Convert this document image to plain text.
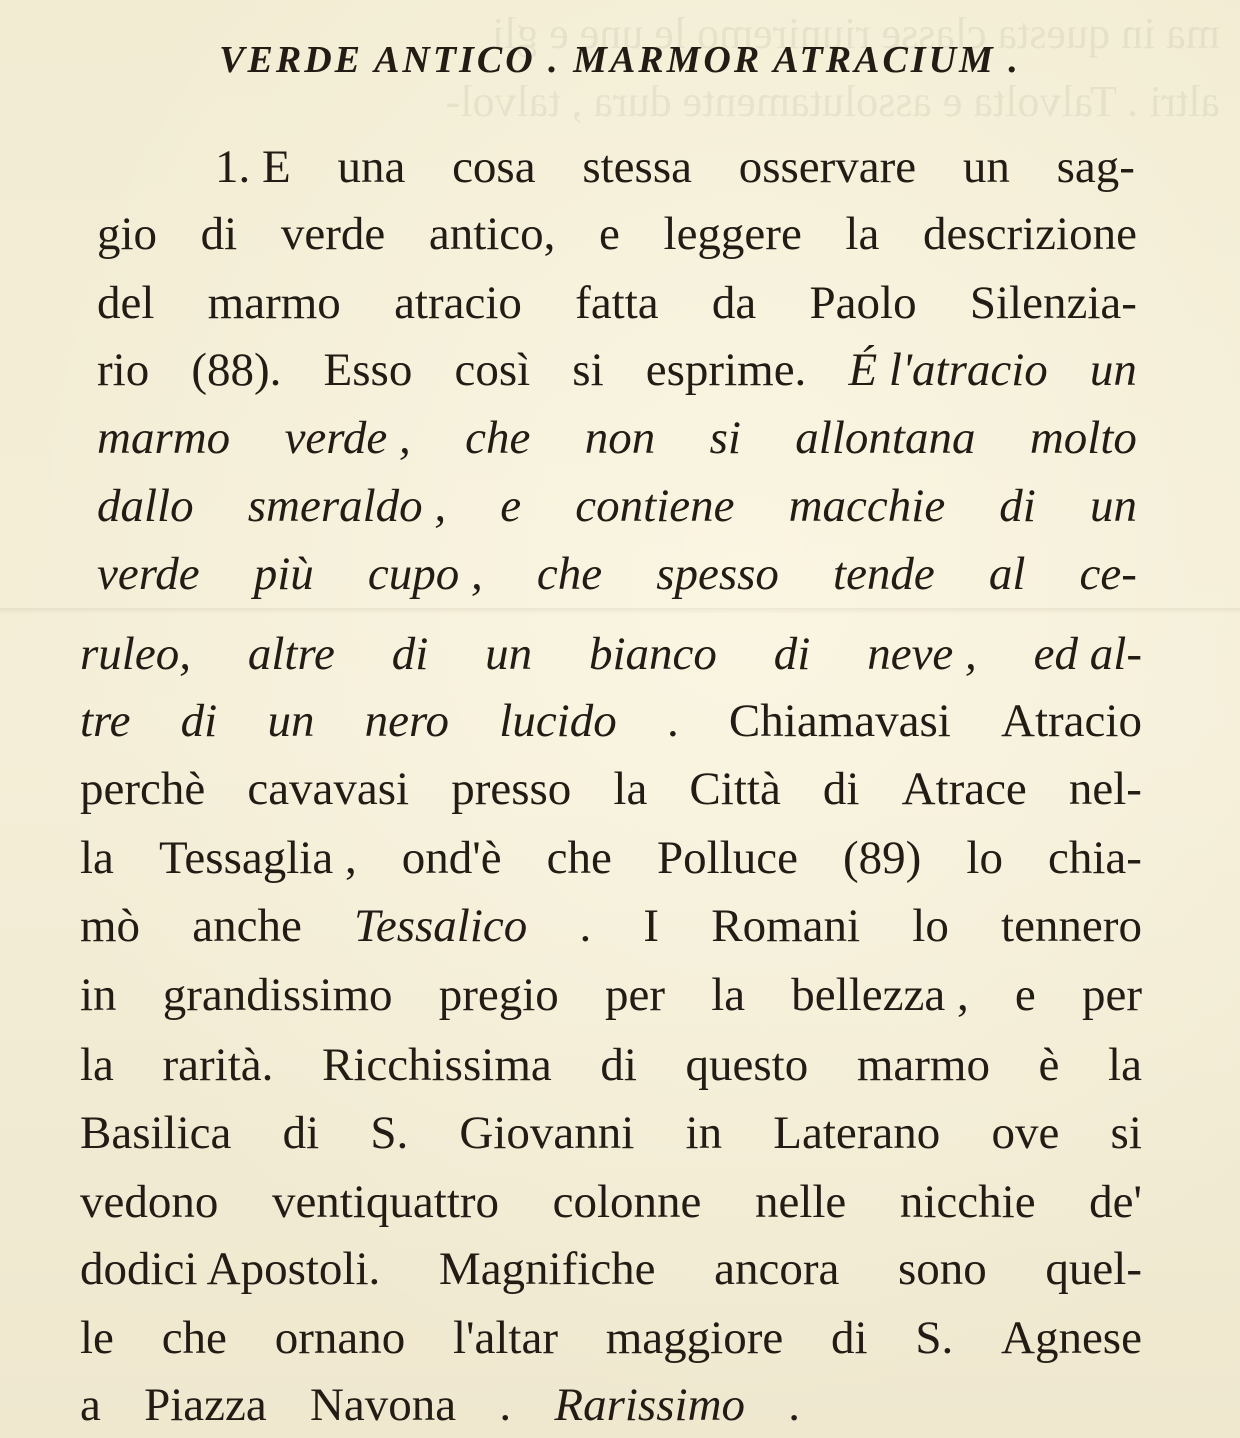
ma in questa classe riuniremo le une e gli
altri . Talvolta e assolutamente dura , talvol-
VERDE ANTICO . MARMOR ATRACIUM .
1. E una cosa stessa osservare un sag-
gio di verde antico, e leggere la descrizione
del marmo atracio fatta da Paolo Silenzia-
rio (88). Esso così si esprime. É l'atracio un
marmo verde , che non si allontana molto
dallo smeraldo , e contiene macchie di un
verde più cupo , che spesso tende al ce-
ruleo, altre di un bianco di neve , ed al-
tre di un nero lucido . Chiamavasi Atracio
perchè cavavasi presso la Città di Atrace nel-
la Tessaglia , ond'è che Polluce (89) lo chia-
mò anche Tessalico . I Romani lo tennero
in grandissimo pregio per la bellezza , e per
la rarità. Ricchissima di questo marmo è la
Basilica di S. Giovanni in Laterano ove si
vedono ventiquattro colonne nelle nicchie de'
dodici Apostoli. Magnifiche ancora sono quel-
le che ornano l'altar maggiore di S. Agnese
a Piazza Navona . Rarissimo .
